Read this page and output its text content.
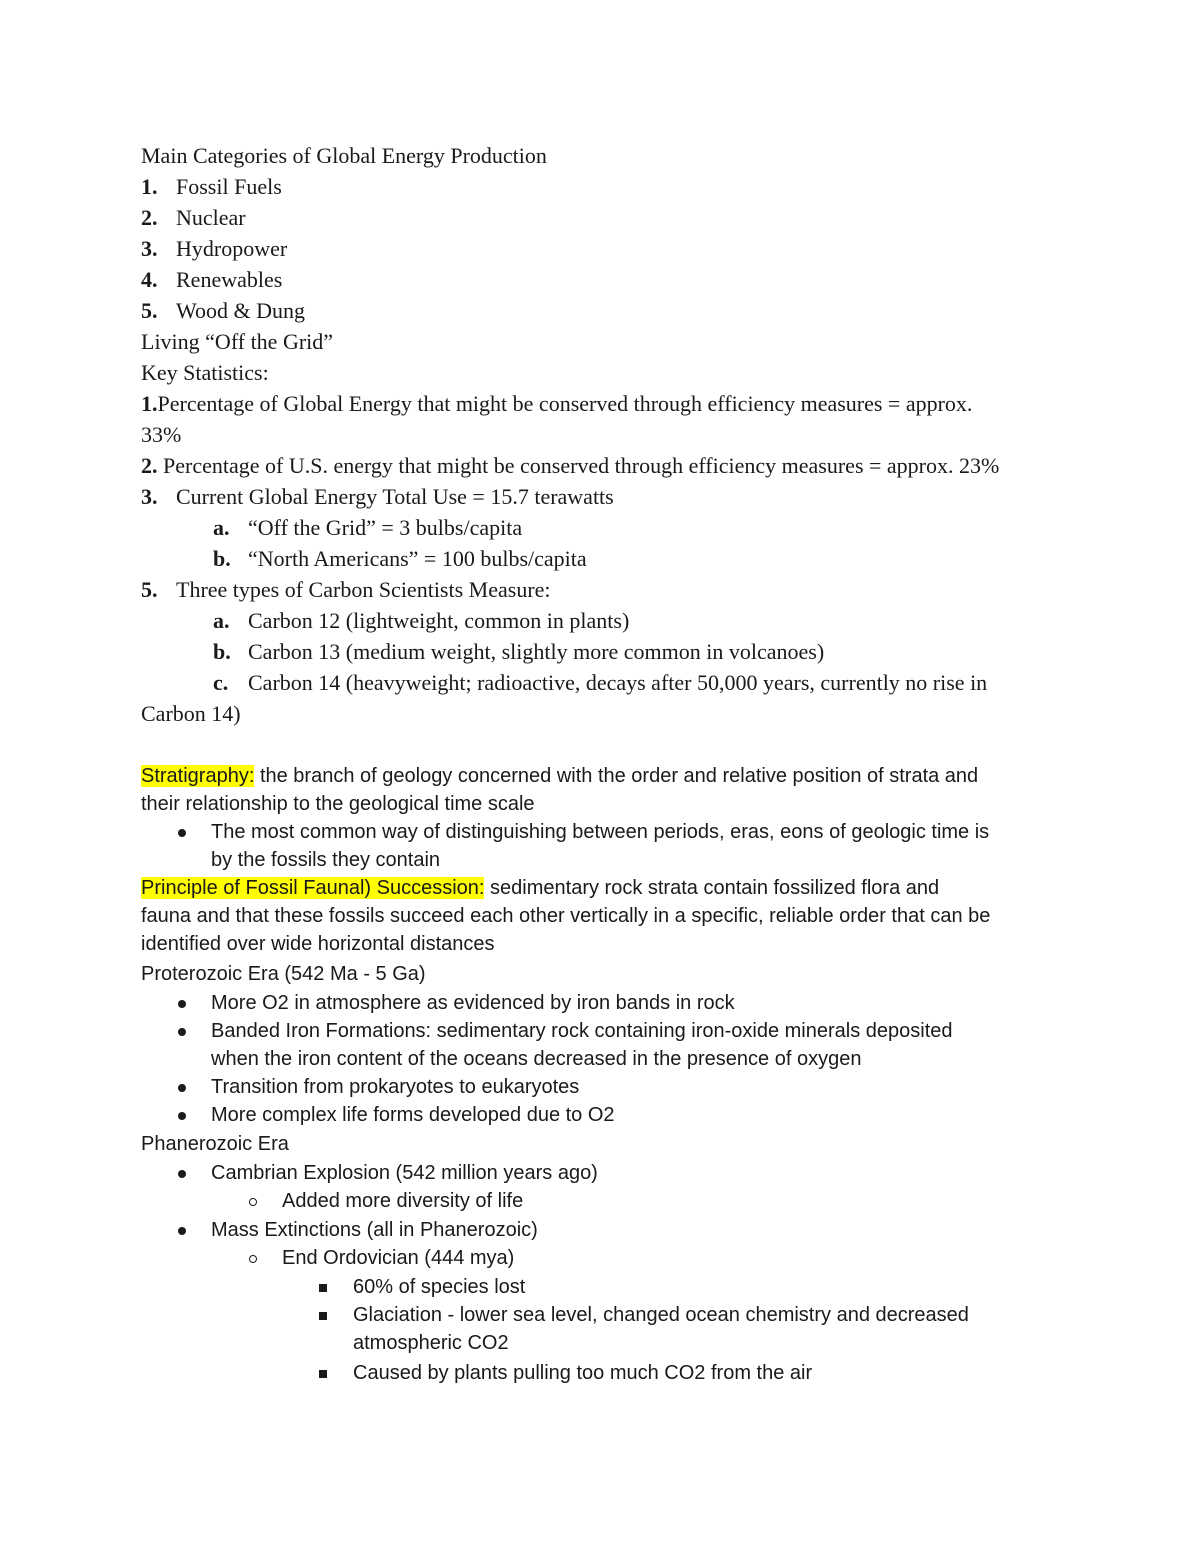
Main Categories of Global Energy Production
1. Fossil Fuels
2. Nuclear
3. Hydropower
4. Renewables
5. Wood & Dung
Living “Off the Grid”
Key Statistics:
1.Percentage of Global Energy that might be conserved through efficiency measures = approx.
33%
2. Percentage of U.S. energy that might be conserved through efficiency measures = approx. 23%
3. Current Global Energy Total Use = 15.7 terawatts
a. “Off the Grid” = 3 bulbs/capita
b. “North Americans” = 100 bulbs/capita
5. Three types of Carbon Scientists Measure:
a. Carbon 12 (lightweight, common in plants)
b. Carbon 13 (medium weight, slightly more common in volcanoes)
c. Carbon 14 (heavyweight; radioactive, decays after 50,000 years, currently no rise in
Carbon 14)
Stratigraphy: the branch of geology concerned with the order and relative position of strata and
their relationship to the geological time scale
The most common way of distinguishing between periods, eras, eons of geologic time is
by the fossils they contain
Principle of Fossil Faunal) Succession: sedimentary rock strata contain fossilized flora and
fauna and that these fossils succeed each other vertically in a specific, reliable order that can be
identified over wide horizontal distances
Proterozoic Era (542 Ma - 5 Ga)
More O2 in atmosphere as evidenced by iron bands in rock
Banded Iron Formations: sedimentary rock containing iron-oxide minerals deposited
when the iron content of the oceans decreased in the presence of oxygen
Transition from prokaryotes to eukaryotes
More complex life forms developed due to O2
Phanerozoic Era
Cambrian Explosion (542 million years ago)
Added more diversity of life
Mass Extinctions (all in Phanerozoic)
End Ordovician (444 mya)
60% of species lost
Glaciation - lower sea level, changed ocean chemistry and decreased
atmospheric CO2
Caused by plants pulling too much CO2 from the air
